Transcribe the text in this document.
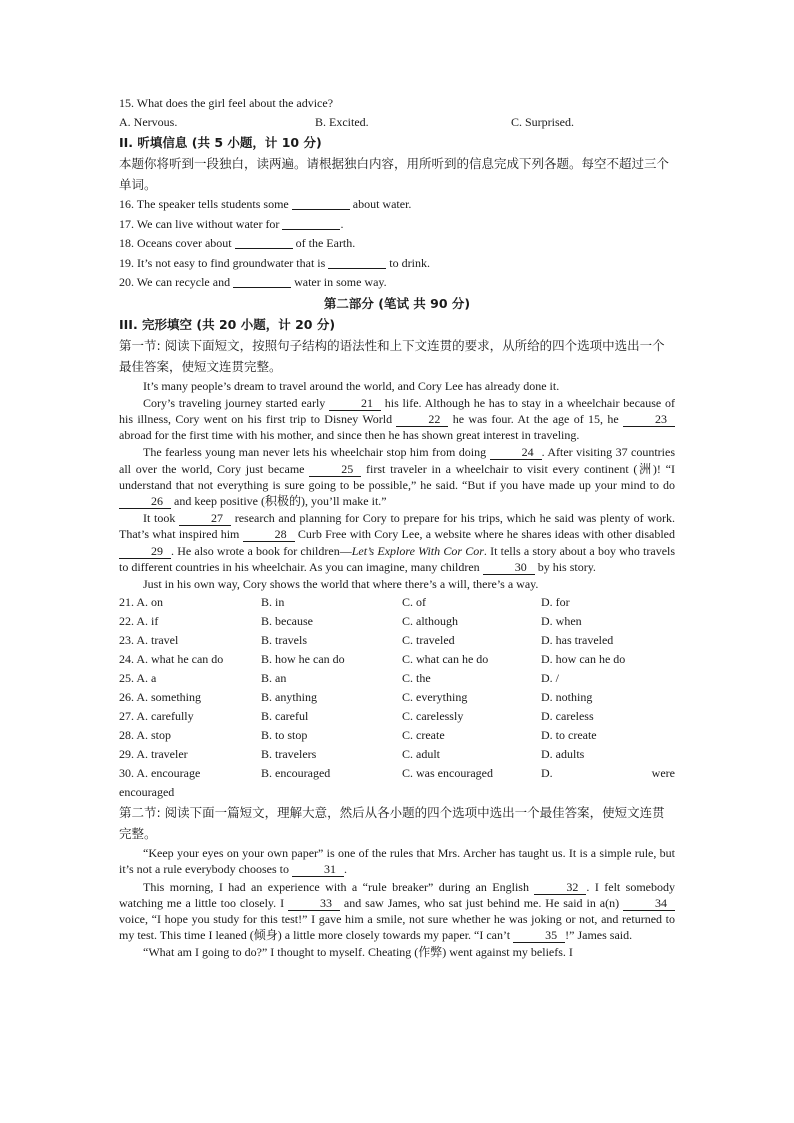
15. What does the girl feel about the advice?
A. Nervous.	B. Excited.	C. Surprised.
II. 听填信息 (共 5 小题，计 10 分)
本题你将听到一段独白，读两遍。请根据独白内容，用所听到的信息完成下列各题。每空不超过三个单词。
16. The speaker tells students some	about water.
17. We can live without water for	.
18. Oceans cover about	of the Earth.
19. It’s not easy to find groundwater that is	to drink.
20. We can recycle and	water in some way.
第二部分 (笔试 共 90 分)
III. 完形填空 (共 20 小题，计 20 分)
第一节: 阅读下面短文，按照句子结构的语法性和上下文连贯的要求，从所给的四个选项中选出一个最佳答案，使短文连贯完整。
It’s many people’s dream to travel around the world, and Cory Lee has already done it.
Cory’s traveling journey started early	21 his life. Although he has to stay in a wheelchair because of his illness, Cory went on his first trip to Disney World	22 he was four. At the age of 15, he	23 abroad for the first time with his mother, and since then he has shown great interest in traveling.
The fearless young man never lets his wheelchair stop him from doing	24 . After visiting 37 countries all over the world, Cory just became	25 first traveler in a wheelchair to visit every continent (洲)! “I understand that not everything is sure going to be possible,” he said. “But if you have made up your mind to do 26 and keep positive (积极的), you’ll make it.”
It took	27 research and planning for Cory to prepare for his trips, which he said was plenty of work. That’s what inspired him	28 Curb Free with Cory Lee, a website where he shares ideas with other disabled 29 . He also wrote a book for children—Let’s Explore With Cor Cor. It tells a story about a boy who travels to different countries in his wheelchair. As you can imagine, many children	30 by his story.
Just in his own way, Cory shows the world that where there’s a will, there’s a way.
21. A. on	B. in	C. of	D. for
22. A. if	B. because	C. although	D. when
23. A. travel	B. travels	C. traveled	D. has traveled
24. A. what he can do	B. how he can do	C. what can he do	D. how can he do
25. A. a	B. an	C. the	D. /
26. A. something	B. anything	C. everything	D. nothing
27. A. carefully	B. careful	C. carelessly	D. careless
28. A. stop	B. to stop	C. create	D. to create
29. A. traveler	B. travelers	C. adult	D. adults
30. A. encourage	B. encouraged	C. was encouraged	D.	were
encouraged
第二节: 阅读下面一篇短文，理解大意，然后从各小题的四个选项中选出一个最佳答案，使短文连贯完整。
“Keep your eyes on your own paper” is one of the rules that Mrs. Archer has taught us. It is a simple rule, but it’s not a rule everybody chooses to	31 .
This morning, I had an experience with a “rule breaker” during an English	32 . I felt somebody watching me a little too closely. I	33 and saw James, who sat just behind me. He said in a(n)	34 voice, “I hope you study for this test!” I gave him a smile, not sure whether he was joking or not, and returned to my test. This time I leaned (倾身) a little more closely towards my paper. “I can’t	35 !” James said.
“What am I going to do?” I thought to myself. Cheating (作弊) went against my beliefs. I
